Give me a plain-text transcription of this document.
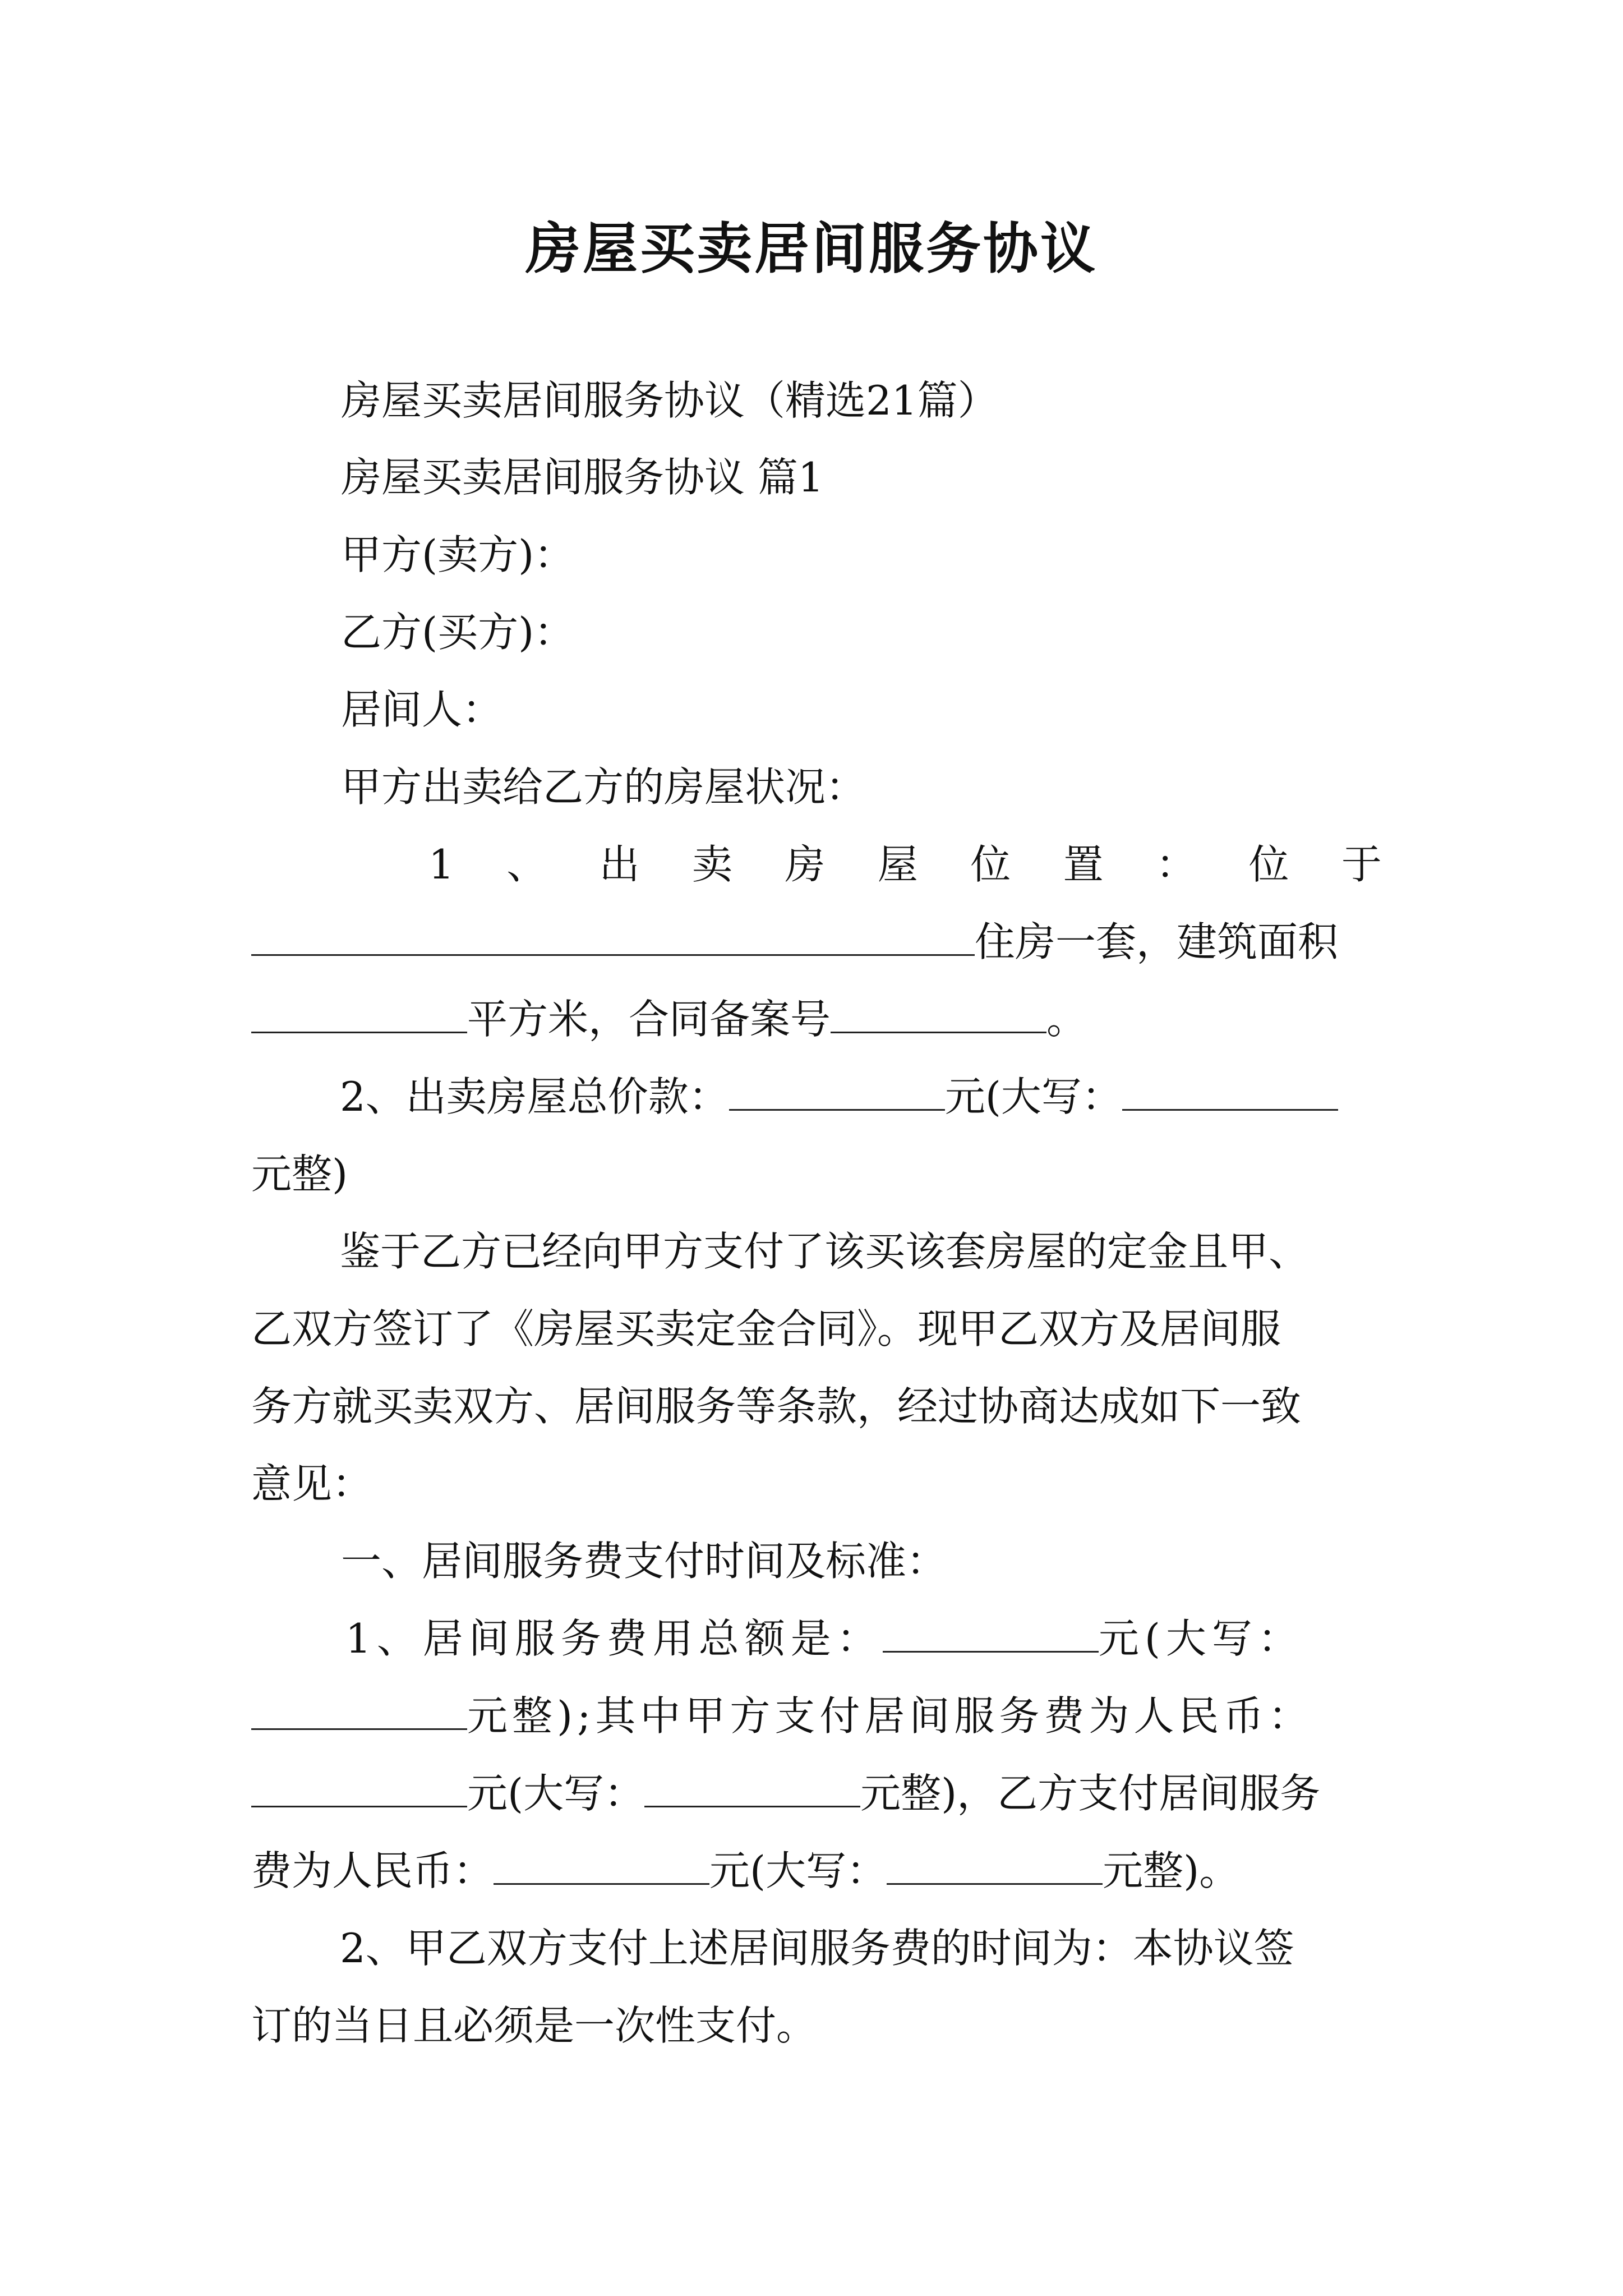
房屋买卖居间服务协议
房屋买卖居间服务协议（精选21篇）
房屋买卖居间服务协议 篇1
甲方(卖方)：
乙方(买方)：
居间人：
甲方出卖给乙方的房屋状况：
1 、 出 卖 房 屋 位 置 ： 位 于
住房一套，建筑面积
平方米，合同备案号	。
2、出卖房屋总价款：	元(大写：
元整)
鉴于乙方已经向甲方支付了该买该套房屋的定金且甲、
乙双方签订了《房屋买卖定金合同》。现甲乙双方及居间服
务方就买卖双方、居间服务等条款，经过协商达成如下一致
意见：
一、居间服务费支付时间及标准：
1、居间服务费用总额是：	元(大写：
元整);其中甲方支付居间服务费为人民币：
元(大写：	元整)，乙方支付居间服务
费为人民币：	元(大写：	元整)。
2、甲乙双方支付上述居间服务费的时间为：本协议签
订的当日且必须是一次性支付。
